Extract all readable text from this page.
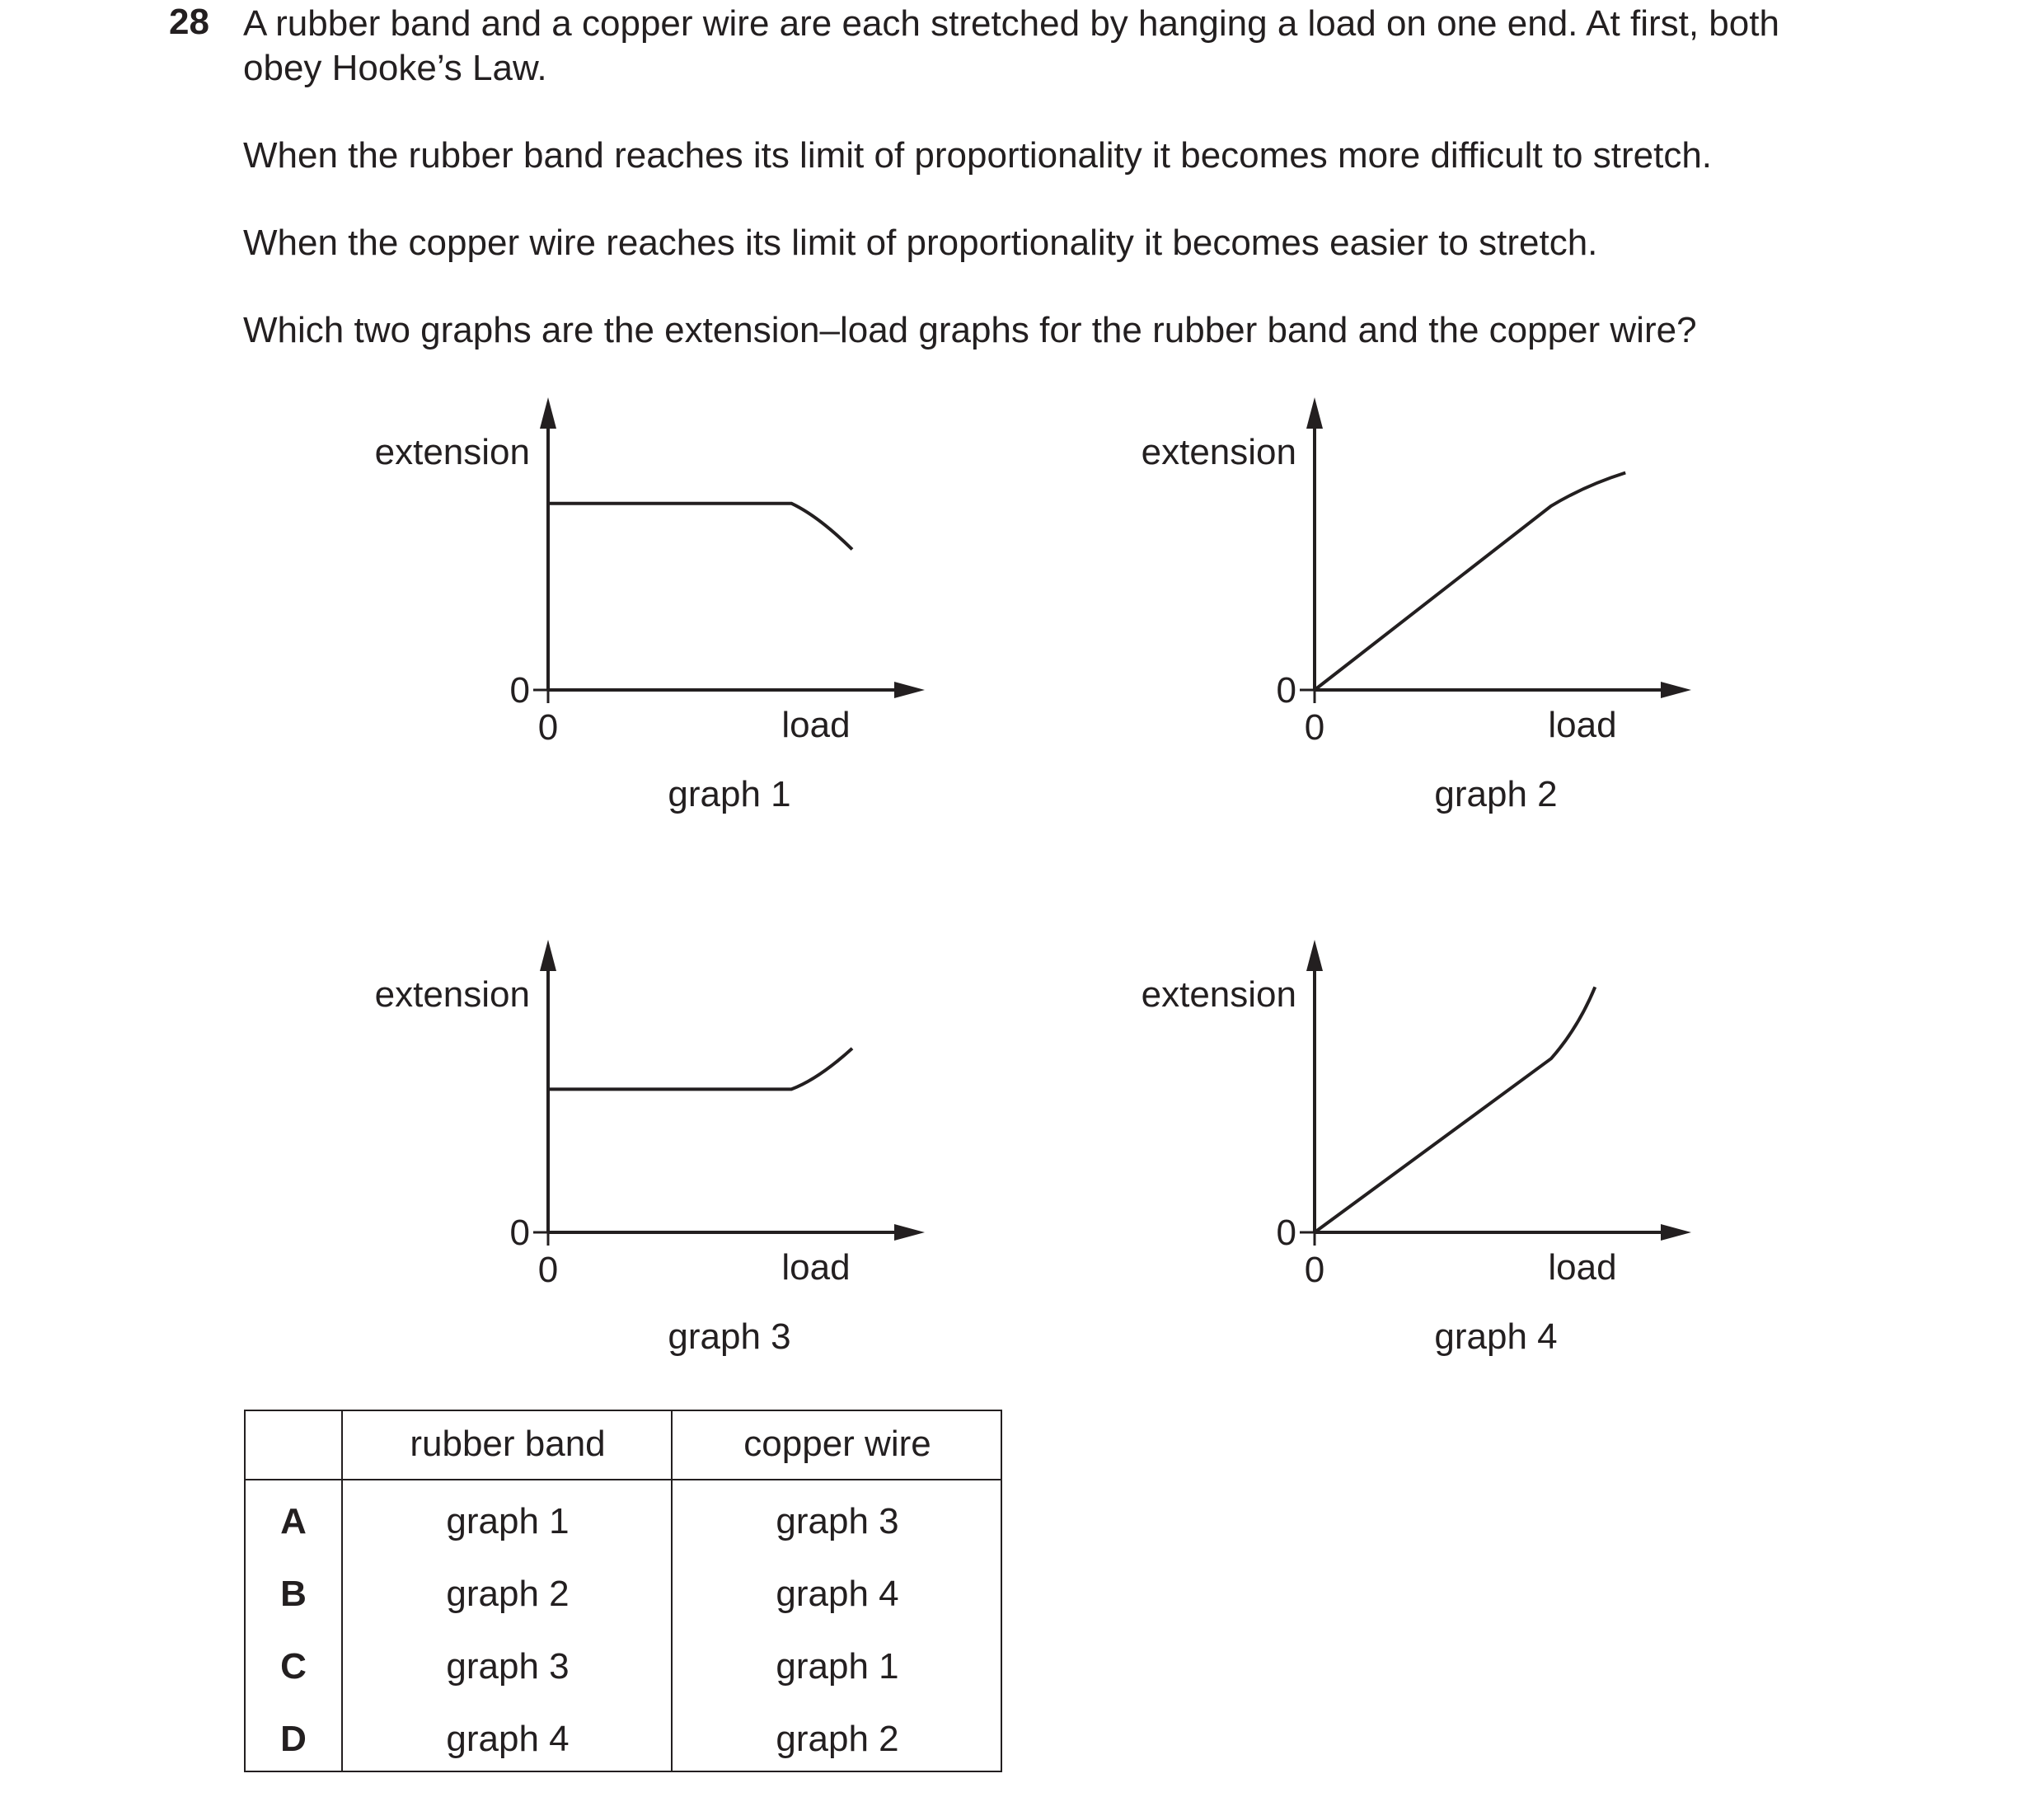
28 A rubber band and a copper wire are each stretched by hanging a load on one end. At first, both
obey Hooke’s Law.
When the rubber band reaches its limit of proportionality it becomes more difficult to stretch.
When the copper wire reaches its limit of proportionality it becomes easier to stretch.
Which two graphs are the extension–load graphs for the rubber band and the copper wire?
extension
0
0	load
graph 1
extension
0
0	load
graph 2
extension
0
0	load
graph 3
extension
0
0	load
graph 4
	rubber band	copper wire
A	graph 1	graph 3
B	graph 2	graph 4
C	graph 3	graph 1
D	graph 4	graph 2
